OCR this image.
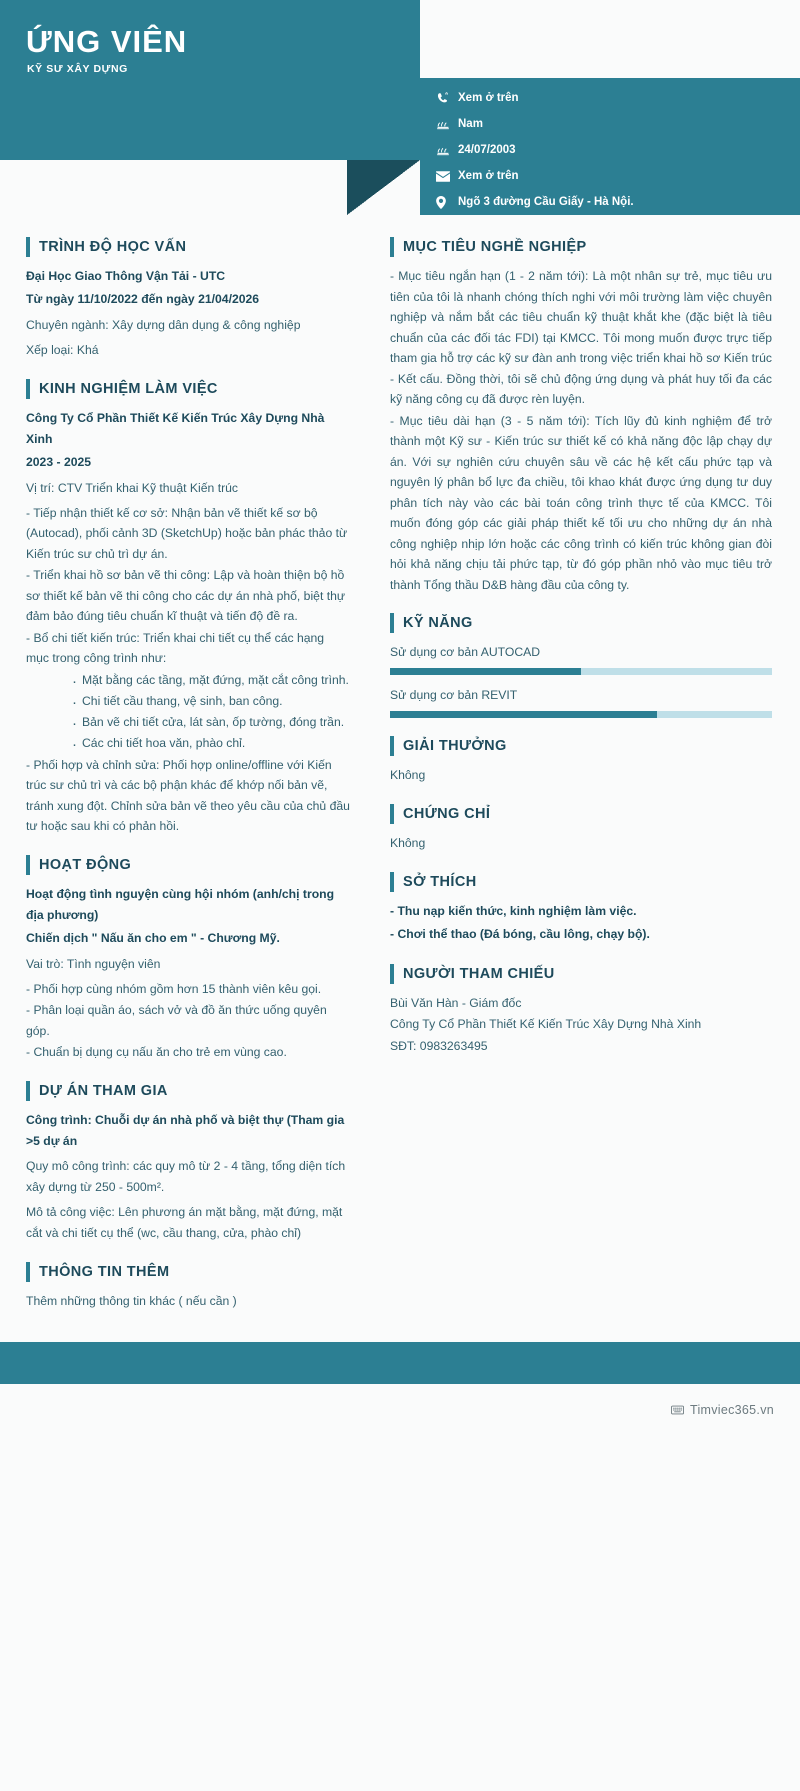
ỨNG VIÊN
KỸ SƯ XÂY DỰNG
Xem ở trên
Nam
24/07/2003
Xem ở trên
Ngõ 3 đường Cầu Giấy - Hà Nội.
TRÌNH ĐỘ HỌC VẤN
Đại Học Giao Thông Vận Tải - UTC
Từ ngày 11/10/2022 đến ngày 21/04/2026
Chuyên ngành: Xây dựng dân dụng & công nghiệp
Xếp loại: Khá
KINH NGHIỆM LÀM VIỆC
Công Ty Cổ Phần Thiết Kế Kiến Trúc Xây Dựng Nhà Xinh
2023 - 2025
Vị trí: CTV Triển khai Kỹ thuật Kiến trúc
- Tiếp nhận thiết kế cơ sở: Nhận bản vẽ thiết kế sơ bộ (Autocad), phối cảnh 3D (SketchUp) hoặc bản phác thảo từ Kiến trúc sư chủ trì dự án.
- Triển khai hồ sơ bản vẽ thi công: Lập và hoàn thiện bộ hồ sơ thiết kế bản vẽ thi công cho các dự án nhà phố, biệt thự đảm bảo đúng tiêu chuẩn kĩ thuật và tiến độ đề ra.
- Bổ chi tiết kiến trúc: Triển khai chi tiết cụ thể các hạng mục trong công trình như:
· Mặt bằng các tầng, mặt đứng, mặt cắt công trình.
· Chi tiết cầu thang, vệ sinh, ban công.
· Bản vẽ chi tiết cửa, lát sàn, ốp tường, đóng trần.
· Các chi tiết hoa văn, phào chỉ.
- Phối hợp và chỉnh sửa: Phối hợp online/offline với Kiến trúc sư chủ trì và các bộ phận khác để khớp nối bản vẽ, tránh xung đột. Chỉnh sửa bản vẽ theo yêu cầu của chủ đầu tư hoặc sau khi có phản hồi.
HOẠT ĐỘNG
Hoạt động tình nguyện cùng hội nhóm (anh/chị trong địa phương)
Chiến dịch " Nấu ăn cho em " - Chương Mỹ.
Vai trò: Tình nguyện viên
- Phối hợp cùng nhóm gồm hơn 15 thành viên kêu gọi.
- Phân loại quần áo, sách vở và đồ ăn thức uống quyên góp.
- Chuẩn bị dụng cụ nấu ăn cho trẻ em vùng cao.
DỰ ÁN THAM GIA
Công trình: Chuỗi dự án nhà phố và biệt thự (Tham gia >5 dự án
Quy mô công trình: các quy mô từ 2 - 4 tầng, tổng diện tích xây dựng từ 250 - 500m².
Mô tả công việc: Lên phương án mặt bằng, mặt đứng, mặt cắt và chi tiết cụ thể (wc, cầu thang, cửa, phào chỉ)
THÔNG TIN THÊM
Thêm những thông tin khác ( nếu cần )
MỤC TIÊU NGHỀ NGHIỆP
- Mục tiêu ngắn hạn (1 - 2 năm tới): Là một nhân sự trẻ, mục tiêu ưu tiên của tôi là nhanh chóng thích nghi với môi trường làm việc chuyên nghiệp và nắm bắt các tiêu chuẩn kỹ thuật khắt khe (đặc biệt là tiêu chuẩn của các đối tác FDI) tại KMCC. Tôi mong muốn được trực tiếp tham gia hỗ trợ các kỹ sư đàn anh trong việc triển khai hồ sơ Kiến trúc - Kết cấu. Đồng thời, tôi sẽ chủ động ứng dụng và phát huy tối đa các kỹ năng công cụ đã được rèn luyện.
- Mục tiêu dài hạn (3 - 5 năm tới): Tích lũy đủ kinh nghiệm để trở thành một Kỹ sư - Kiến trúc sư thiết kế có khả năng độc lập chạy dự án. Với sự nghiên cứu chuyên sâu về các hệ kết cấu phức tạp và nguyên lý phân bổ lực đa chiều, tôi khao khát được ứng dụng tư duy phân tích này vào các bài toán công trình thực tế của KMCC. Tôi muốn đóng góp các giải pháp thiết kế tối ưu cho những dự án nhà công nghiệp nhịp lớn hoặc các công trình có kiến trúc không gian đòi hỏi khả năng chịu tải phức tạp, từ đó góp phần nhỏ vào mục tiêu trở thành Tổng thầu D&B hàng đầu của công ty.
KỸ NĂNG
Sử dụng cơ bản AUTOCAD
Sử dụng cơ bản REVIT
GIẢI THƯỞNG
Không
CHỨNG CHỈ
Không
SỞ THÍCH
- Thu nạp kiến thức, kinh nghiệm làm việc.
- Chơi thể thao (Đá bóng, cầu lông, chạy bộ).
NGƯỜI THAM CHIẾU
Bùi Văn Hàn - Giám đốc
Công Ty Cổ Phần Thiết Kế Kiến Trúc Xây Dựng Nhà Xinh
SĐT: 0983263495
Timviec365.vn
